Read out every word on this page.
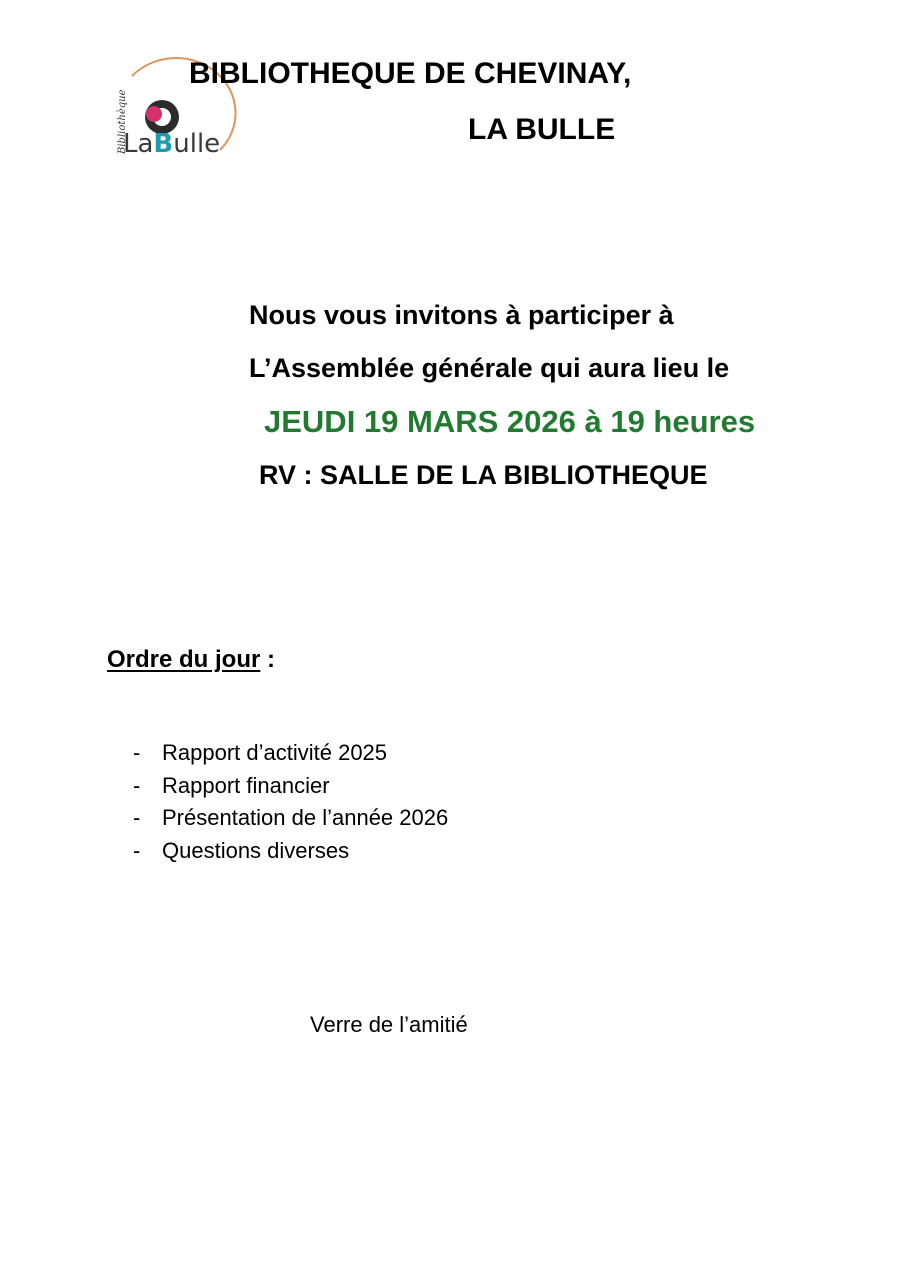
Bibliothèque
LaBulle
BIBLIOTHEQUE DE CHEVINAY,
LA BULLE
Nous vous invitons à participer à
L’Assemblée générale qui aura lieu le
JEUDI 19 MARS 2026 à 19 heures
RV : SALLE DE LA BIBLIOTHEQUE
Ordre du jour :
- Rapport d’activité 2025
- Rapport financier
- Présentation de l’année 2026
- Questions diverses
Verre de l’amitié
